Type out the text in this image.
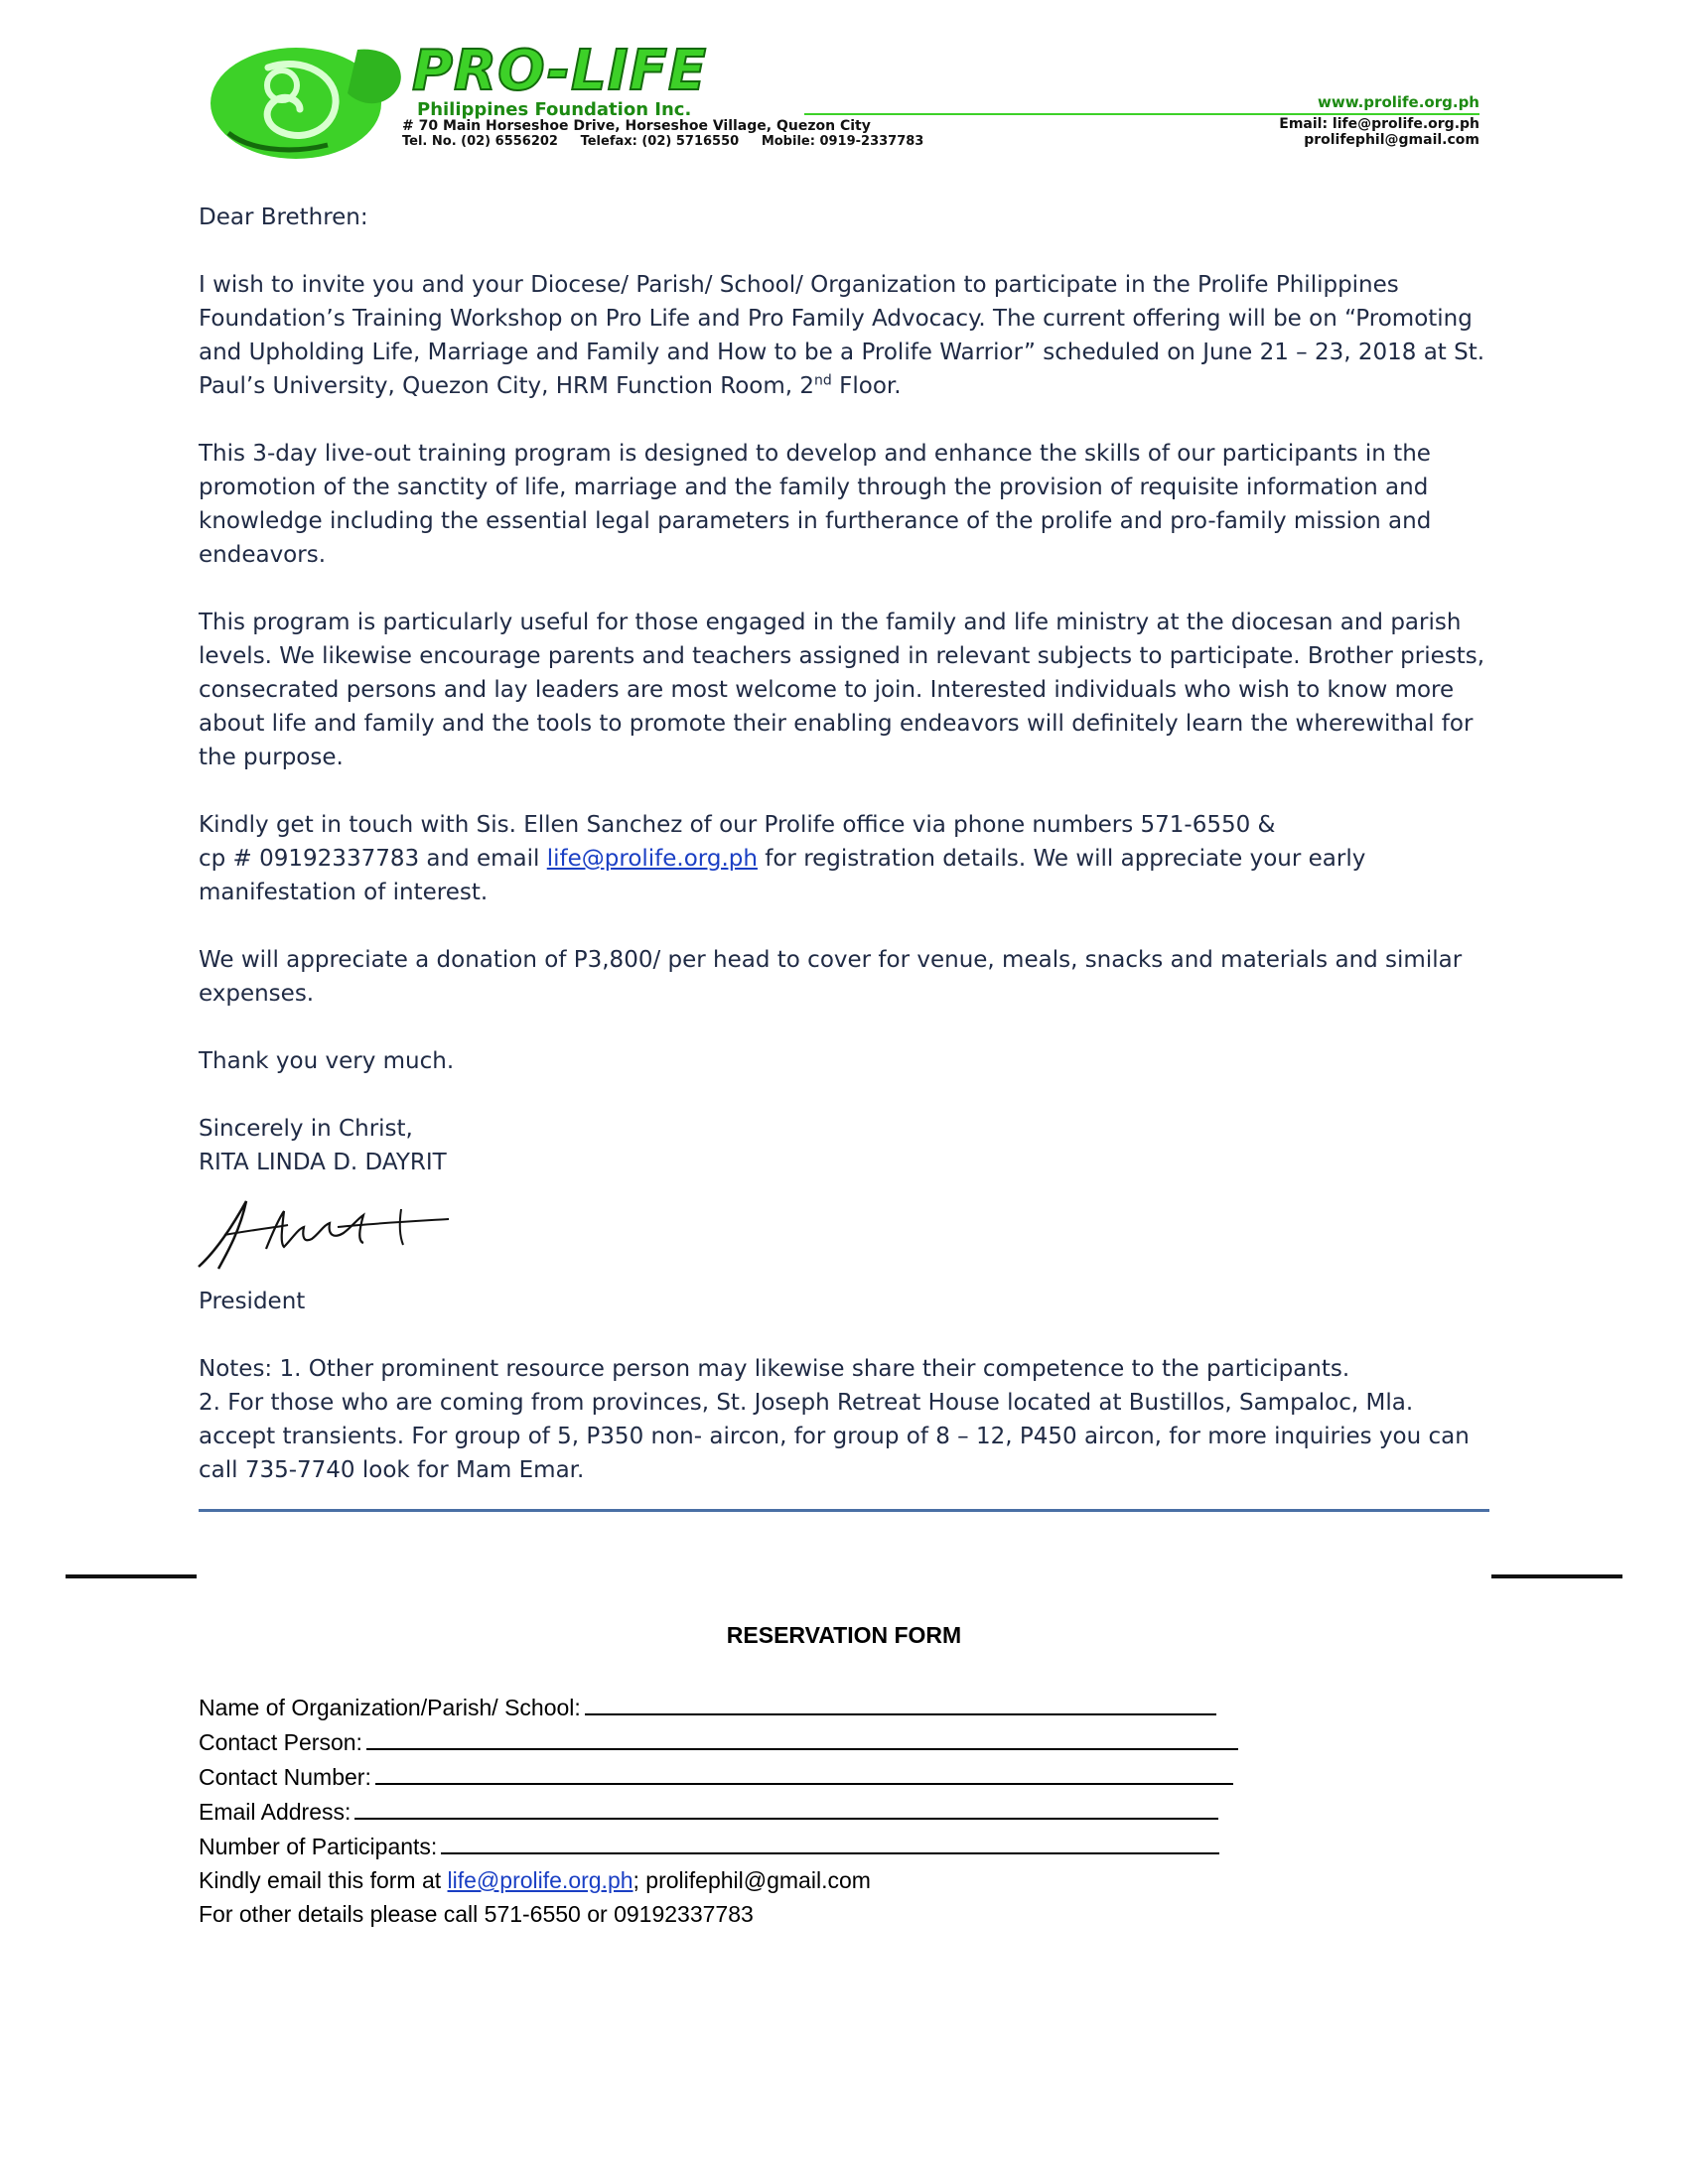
PRO-LIFE
Philippines Foundation Inc.	www.prolife.org.ph
# 70 Main Horseshoe Drive, Horseshoe Village, Quezon City
Tel. No. (02) 6556202     Telefax: (02) 5716550     Mobile: 0919-2337783
Email: life@prolife.org.ph
prolifephil@gmail.com

Dear Brethren:

I wish to invite you and your Diocese/ Parish/ School/ Organization to participate in the Prolife Philippines Foundation’s Training Workshop on Pro Life and Pro Family Advocacy. The current offering will be on “Promoting and Upholding Life, Marriage and Family and How to be a Prolife Warrior” scheduled on June 21 – 23, 2018 at St. Paul’s University, Quezon City, HRM Function Room, 2nd Floor.

This 3-day live-out training program is designed to develop and enhance the skills of our participants in the promotion of the sanctity of life, marriage and the family through the provision of requisite information and knowledge including the essential legal parameters in furtherance of the prolife and pro-family mission and endeavors.

This program is particularly useful for those engaged in the family and life ministry at the diocesan and parish levels. We likewise encourage parents and teachers assigned in relevant subjects to participate. Brother priests, consecrated persons and lay leaders are most welcome to join. Interested individuals who wish to know more about life and family and the tools to promote their enabling endeavors will definitely learn the wherewithal for the purpose.

Kindly get in touch with Sis. Ellen Sanchez of our Prolife office via phone numbers 571-6550 &
cp # 09192337783 and email life@prolife.org.ph for registration details. We will appreciate your early manifestation of interest.

We will appreciate a donation of P3,800/ per head to cover for venue, meals, snacks and materials and similar expenses.

Thank you very much.

Sincerely in Christ,

RITA LINDA D. DAYRIT

President

Notes: 1. Other prominent resource person may likewise share their competence to the participants.

2. For those who are coming from provinces, St. Joseph Retreat House located at Bustillos, Sampaloc, Mla. accept transients. For group of 5, P350 non- aircon, for group of 8 – 12, P450 aircon, for more inquiries you can call 735-7740 look for Mam Emar.

RESERVATION FORM
Name of Organization/Parish/ School:
Contact Person:
Contact Number:
Email Address:
Number of Participants:
Kindly email this form at life@prolife.org.ph; prolifephil@gmail.com
For other details please call 571-6550 or 09192337783
